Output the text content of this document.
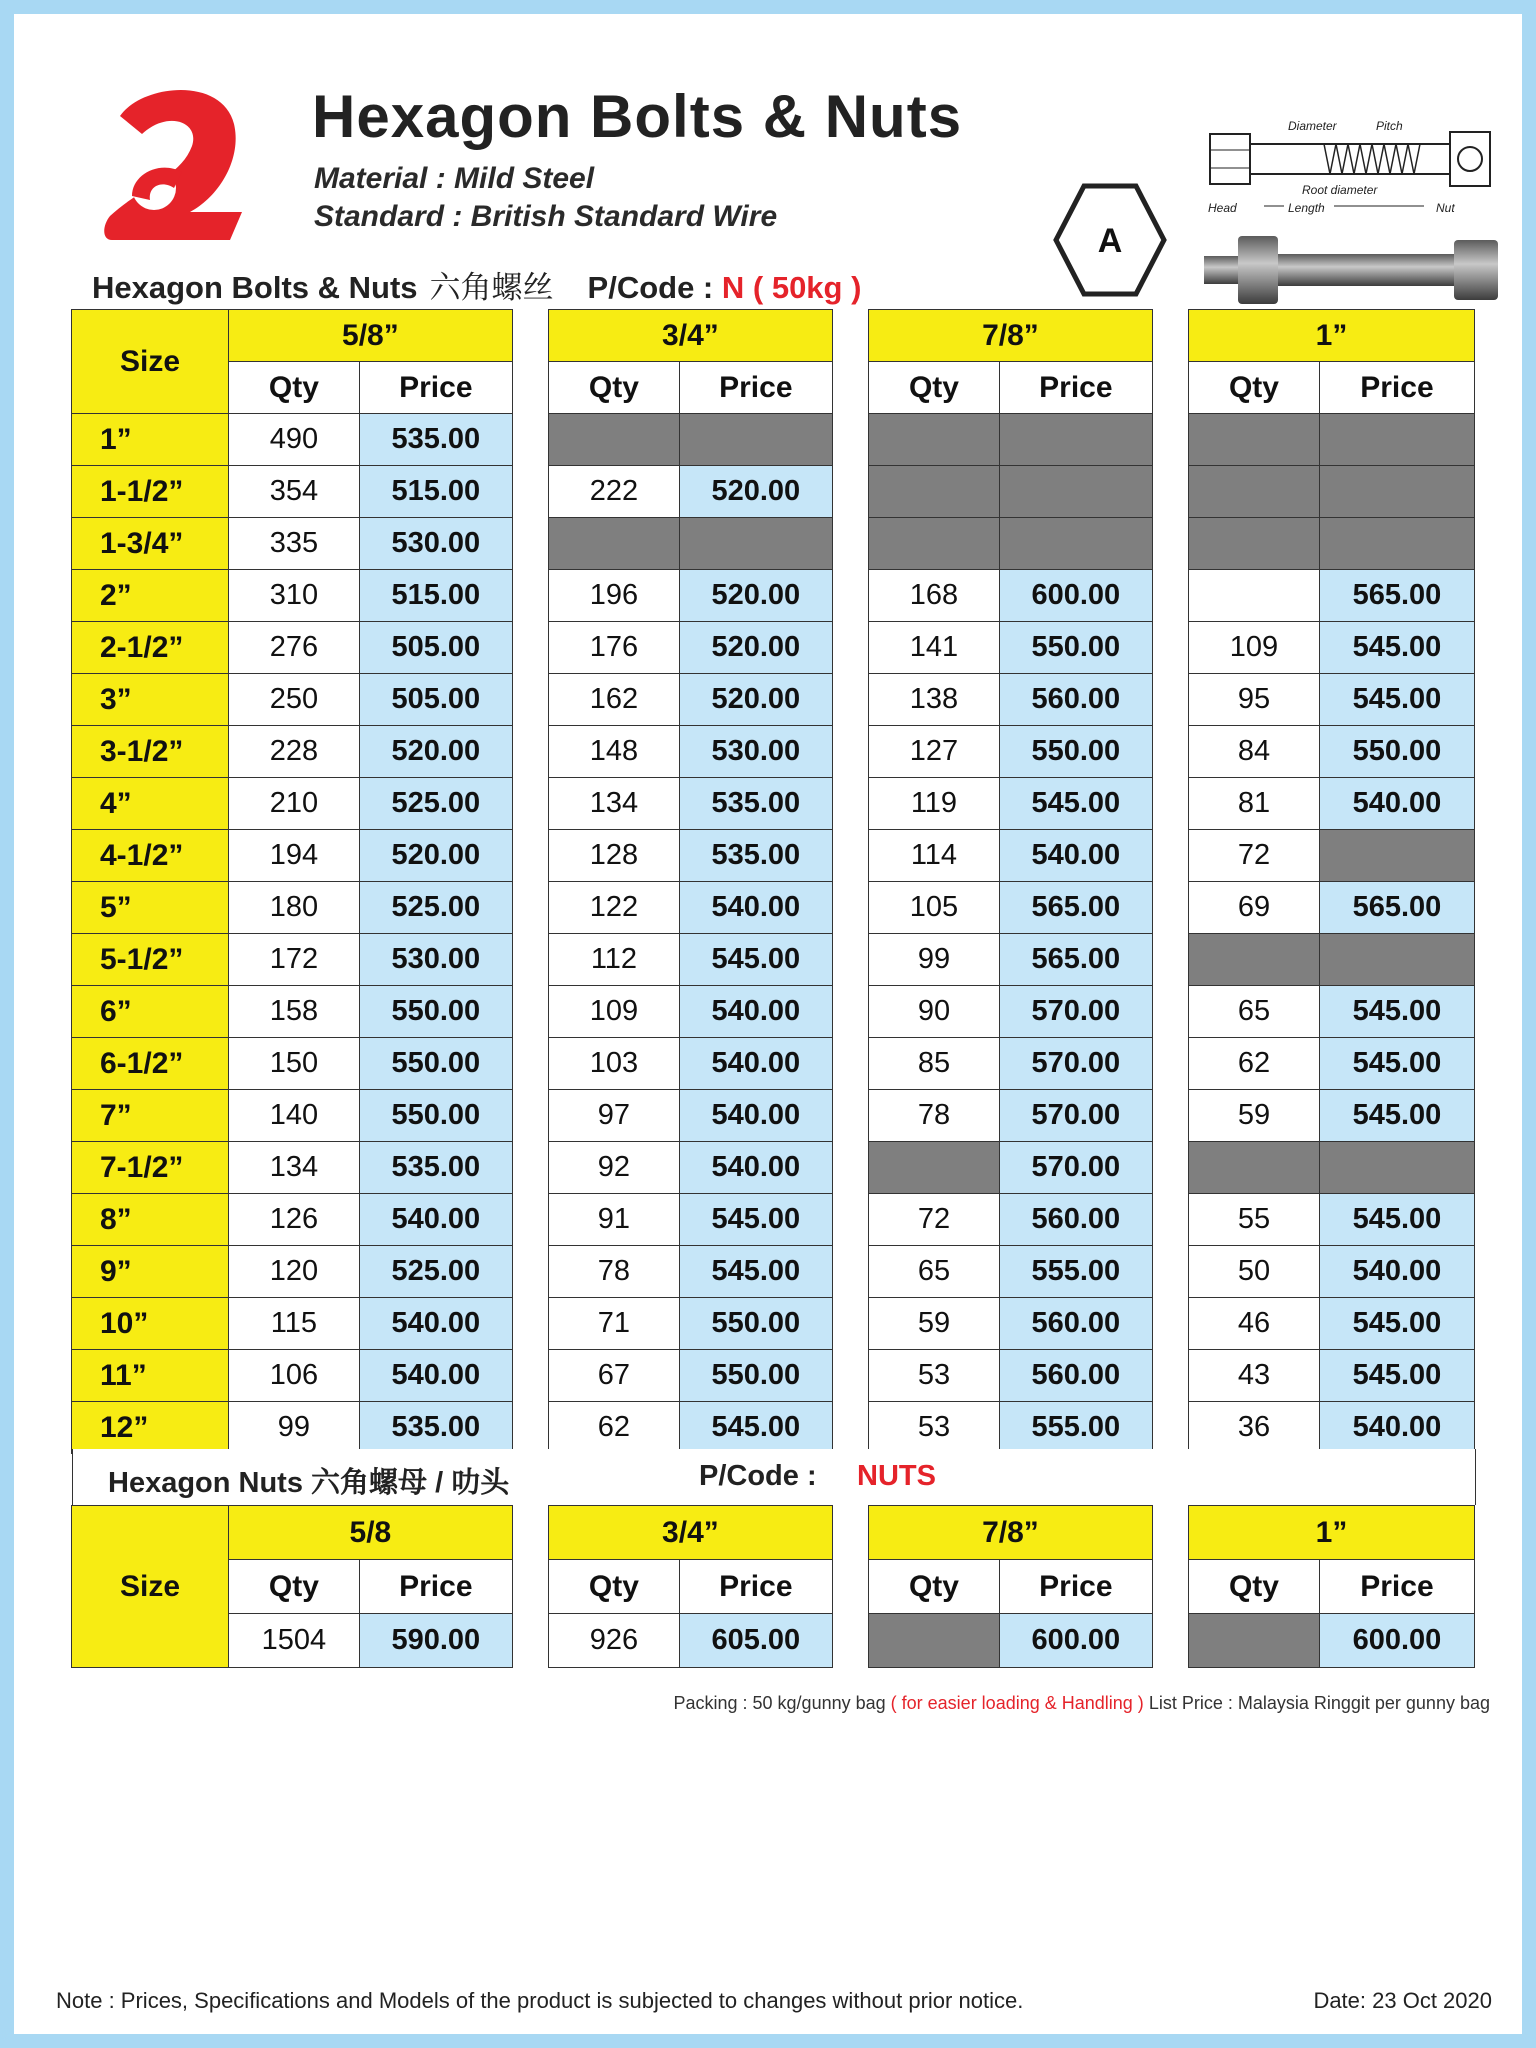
Hexagon Bolts & Nuts
Material : Mild Steel
Standard : British Standard Wire
A
Diameter	Pitch
Root diameter
Head	Length	Nut
Hexagon Bolts & Nuts 六角螺丝 P/Code : N ( 50kg )
Size	5/8”			3/4”			7/8”			1”	
	Qty	Price		Qty	Price		Qty	Price		Qty	Price
1”	490	535.00									
1-1/2”	354	515.00		222	520.00						
1-3/4”	335	530.00									
2”	310	515.00		196	520.00		168	600.00			565.00
2-1/2”	276	505.00		176	520.00		141	550.00		109	545.00
3”	250	505.00		162	520.00		138	560.00		95	545.00
3-1/2”	228	520.00		148	530.00		127	550.00		84	550.00
4”	210	525.00		134	535.00		119	545.00		81	540.00
4-1/2”	194	520.00		128	535.00		114	540.00		72	
5”	180	525.00		122	540.00		105	565.00		69	565.00
5-1/2”	172	530.00		112	545.00		99	565.00			
6”	158	550.00		109	540.00		90	570.00		65	545.00
6-1/2”	150	550.00		103	540.00		85	570.00		62	545.00
7”	140	550.00		97	540.00		78	570.00		59	545.00
7-1/2”	134	535.00		92	540.00			570.00			
8”	126	540.00		91	545.00		72	560.00		55	545.00
9”	120	525.00		78	545.00		65	555.00		50	540.00
10”	115	540.00		71	550.00		59	560.00		46	545.00
11”	106	540.00		67	550.00		53	560.00		43	545.00
12”	99	535.00		62	545.00		53	555.00		36	540.00
Hexagon Nuts 六角螺母 / 叻头	P/Code : NUTS
Size	5/8			3/4”			7/8”			1”	
	Qty	Price		Qty	Price		Qty	Price		Qty	Price
	1504	590.00		926	605.00			600.00			600.00
Packing : 50 kg/gunny bag ( for easier loading & Handling ) List Price : Malaysia Ringgit per gunny bag
Note : Prices, Specifications and Models of the product is subjected to changes without prior notice.	Date: 23 Oct 2020
